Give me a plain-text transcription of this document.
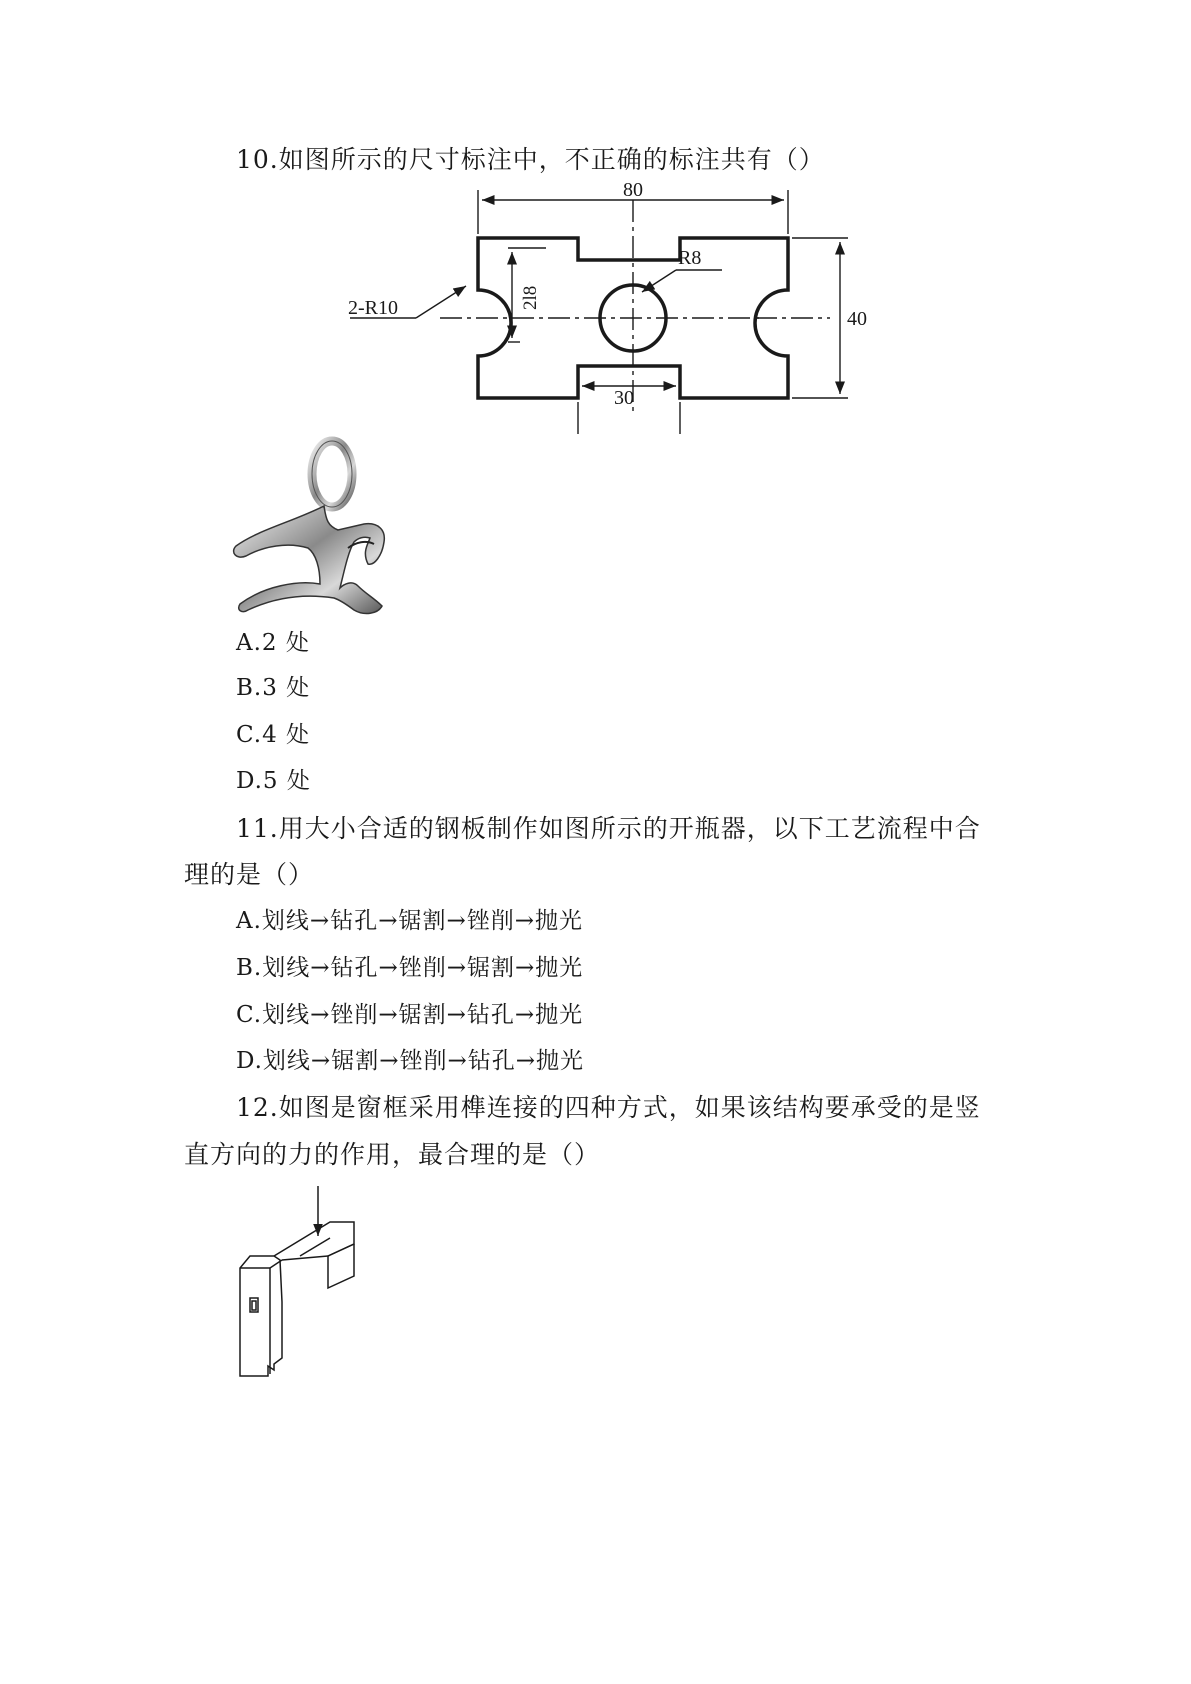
10.如图所示的尺寸标注中，不正确的标注共有（）
80
40
30
2l8
R8
2-R10
A.2 处
B.3 处
C.4 处
D.5 处
11.用大小合适的钢板制作如图所示的开瓶器，以下工艺流程中合
理的是（）
A.划线→钻孔→锯割→锉削→抛光
B.划线→钻孔→锉削→锯割→抛光
C.划线→锉削→锯割→钻孔→抛光
D.划线→锯割→锉削→钻孔→抛光
12.如图是窗框采用榫连接的四种方式，如果该结构要承受的是竖
直方向的力的作用，最合理的是（）
